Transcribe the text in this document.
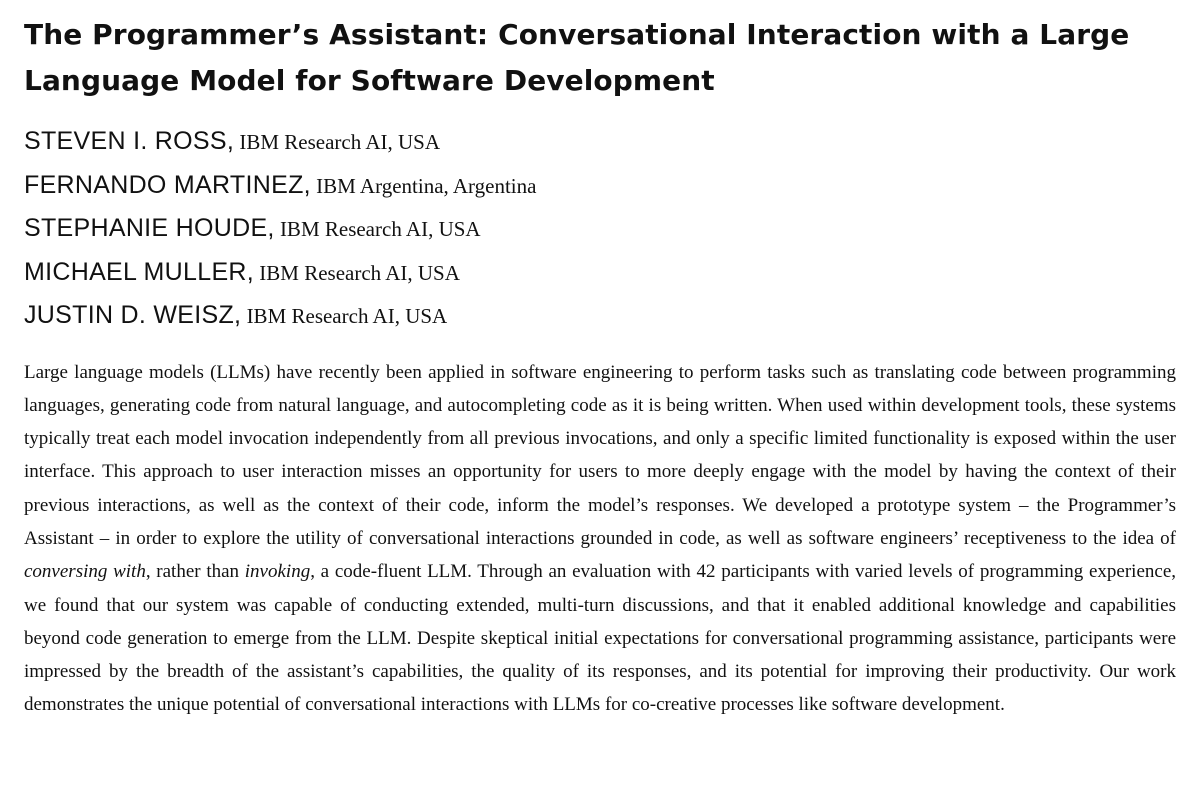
The Programmer’s Assistant: Conversational Interaction with a Large Language Model for Software Development
STEVEN I. ROSS, IBM Research AI, USA
FERNANDO MARTINEZ, IBM Argentina, Argentina
STEPHANIE HOUDE, IBM Research AI, USA
MICHAEL MULLER, IBM Research AI, USA
JUSTIN D. WEISZ, IBM Research AI, USA

Large language models (LLMs) have recently been applied in software engineering to perform tasks such as translating code between programming languages, generating code from natural language, and autocompleting code as it is being written. When used within development tools, these systems typically treat each model invocation independently from all previous invocations, and only a specific limited functionality is exposed within the user interface. This approach to user interaction misses an opportunity for users to more deeply engage with the model by having the context of their previous interactions, as well as the context of their code, inform the model’s responses. We developed a prototype system – the Programmer’s Assistant – in order to explore the utility of conversational interactions grounded in code, as well as software engineers’ receptiveness to the idea of conversing with, rather than invoking, a code-fluent LLM. Through an evaluation with 42 participants with varied levels of programming experience, we found that our system was capable of conducting extended, multi-turn discussions, and that it enabled additional knowledge and capabilities beyond code generation to emerge from the LLM. Despite skeptical initial expectations for conversational programming assistance, participants were impressed by the breadth of the assistant’s capabilities, the quality of its responses, and its potential for improving their productivity. Our work demonstrates the unique potential of conversational interactions with LLMs for co-creative processes like software development.
